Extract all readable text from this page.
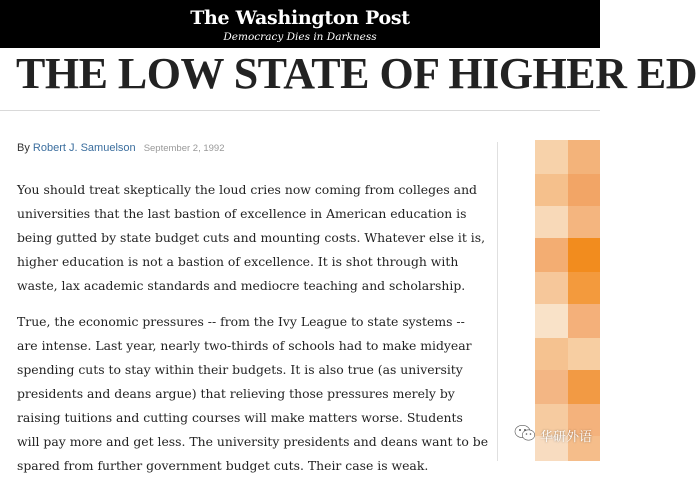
The Washington Post
Democracy Dies in Darkness
THE LOW STATE OF HIGHER ED
By Robert J. Samuelson September 2, 1992

You should treat skeptically the loud cries now coming from colleges and universities that the last bastion of excellence in American education is being gutted by state budget cuts and mounting costs. Whatever else it is, higher education is not a bastion of excellence. It is shot through with waste, lax academic standards and mediocre teaching and scholarship.

True, the economic pressures -- from the Ivy League to state systems -- are intense. Last year, nearly two-thirds of schools had to make midyear spending cuts to stay within their budgets. It is also true (as university presidents and deans argue) that relieving those pressures merely by raising tuitions and cutting courses will make matters worse. Students will pay more and get less. The university presidents and deans want to be spared from further government budget cuts. Their case is weak.

华研外语
